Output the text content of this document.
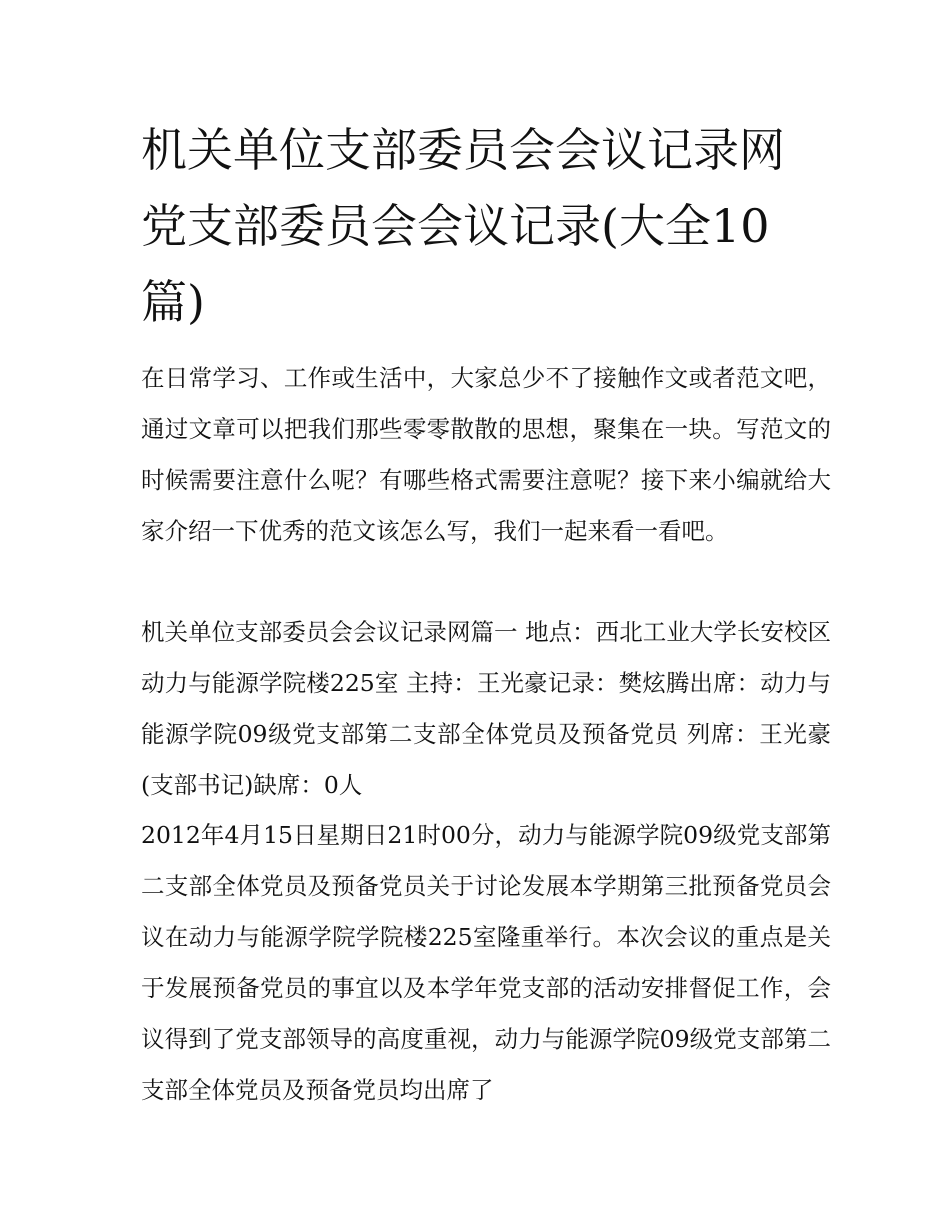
机关单位支部委员会会议记录网 党支部委员会会议记录(大全10篇)

在日常学习、工作或生活中，大家总少不了接触作文或者范文吧，通过文章可以把我们那些零零散散的思想，聚集在一块。写范文的时候需要注意什么呢？有哪些格式需要注意呢？接下来小编就给大家介绍一下优秀的范文该怎么写，我们一起来看一看吧。

机关单位支部委员会会议记录网篇一 地点：西北工业大学长安校区动力与能源学院楼225室 主持：王光豪记录：樊炫腾出席：动力与能源学院09级党支部第二支部全体党员及预备党员 列席：王光豪(支部书记)缺席：0人

2012年4月15日星期日21时00分，动力与能源学院09级党支部第二支部全体党员及预备党员关于讨论发展本学期第三批预备党员会议在动力与能源学院学院楼225室隆重举行。本次会议的重点是关于发展预备党员的事宜以及本学年党支部的活动安排督促工作，会议得到了党支部领导的高度重视，动力与能源学院09级党支部第二支部全体党员及预备党员均出席了
